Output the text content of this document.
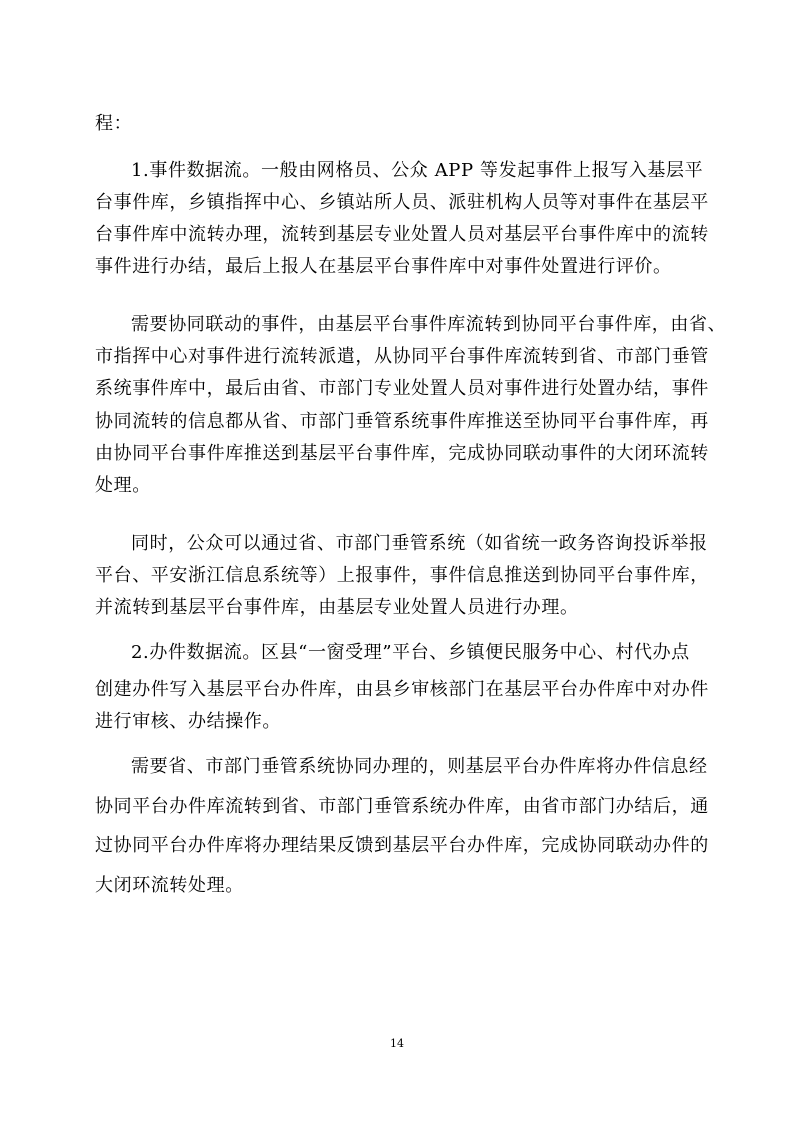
程：
1.事件数据流。一般由网格员、公众 APP 等发起事件上报写入基层平
台事件库，乡镇指挥中心、乡镇站所人员、派驻机构人员等对事件在基层平
台事件库中流转办理，流转到基层专业处置人员对基层平台事件库中的流转
事件进行办结，最后上报人在基层平台事件库中对事件处置进行评价。
需要协同联动的事件，由基层平台事件库流转到协同平台事件库，由省、
市指挥中心对事件进行流转派遣，从协同平台事件库流转到省、市部门垂管
系统事件库中，最后由省、市部门专业处置人员对事件进行处置办结，事件
协同流转的信息都从省、市部门垂管系统事件库推送至协同平台事件库，再
由协同平台事件库推送到基层平台事件库，完成协同联动事件的大闭环流转
处理。
同时，公众可以通过省、市部门垂管系统（如省统一政务咨询投诉举报
平台、平安浙江信息系统等）上报事件，事件信息推送到协同平台事件库，
并流转到基层平台事件库，由基层专业处置人员进行办理。
2.办件数据流。区县“一窗受理”平台、乡镇便民服务中心、村代办点
创建办件写入基层平台办件库，由县乡审核部门在基层平台办件库中对办件
进行审核、办结操作。
需要省、市部门垂管系统协同办理的，则基层平台办件库将办件信息经
协同平台办件库流转到省、市部门垂管系统办件库，由省市部门办结后，通
过协同平台办件库将办理结果反馈到基层平台办件库，完成协同联动办件的
大闭环流转处理。
14
